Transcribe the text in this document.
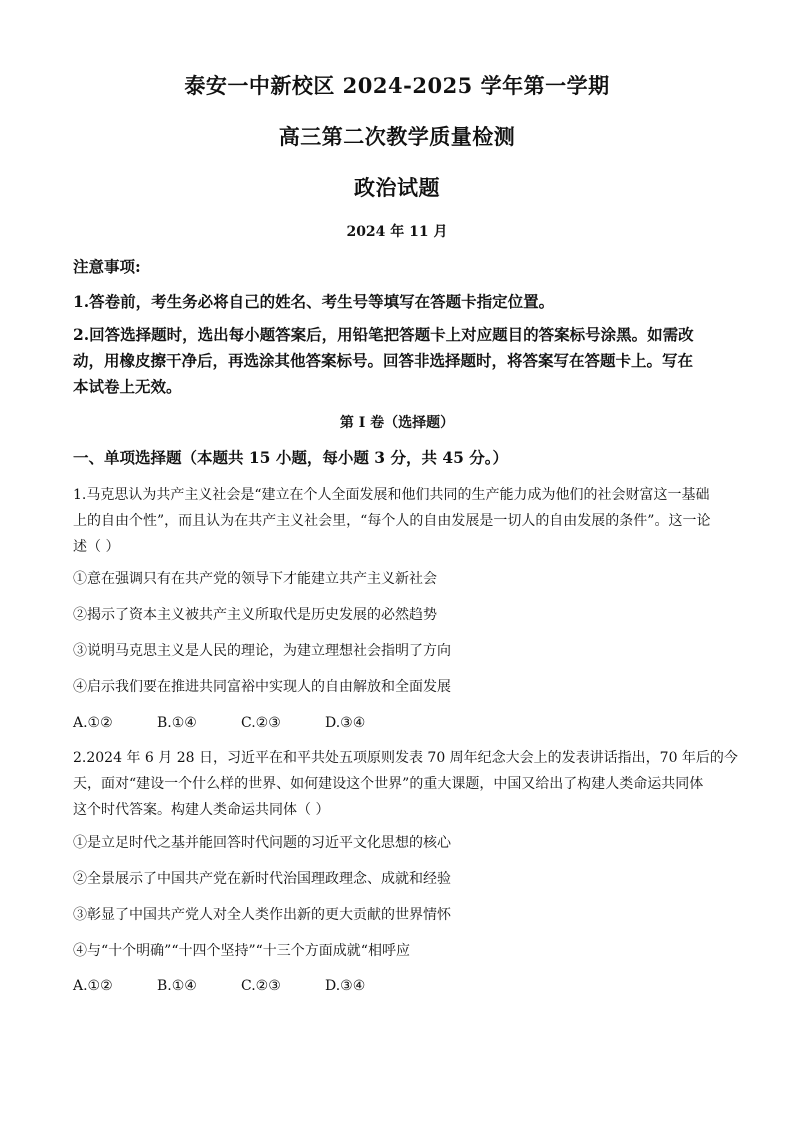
泰安一中新校区 2024-2025 学年第一学期
高三第二次教学质量检测
政治试题
2024 年 11 月
注意事项:
1.答卷前，考生务必将自己的姓名、考生号等填写在答题卡指定位置。
2.回答选择题时，选出每小题答案后，用铅笔把答题卡上对应题目的答案标号涂黑。如需改
动，用橡皮擦干净后，再选涂其他答案标号。回答非选择题时，将答案写在答题卡上。写在
本试卷上无效。
第 I 卷（选择题）
一、单项选择题（本题共 15 小题，每小题 3 分，共 45 分。）
1.马克思认为共产主义社会是“建立在个人全面发展和他们共同的生产能力成为他们的社会财富这一基础
上的自由个性”，而且认为在共产主义社会里，“每个人的自由发展是一切人的自由发展的条件”。这一论
述（ ）
①意在强调只有在共产党的领导下才能建立共产主义新社会
②揭示了资本主义被共产主义所取代是历史发展的必然趋势
③说明马克思主义是人民的理论，为建立理想社会指明了方向
④启示我们要在推进共同富裕中实现人的自由解放和全面发展
A.①②	B.①④	C.②③	D.③④
2.2024 年 6 月 28 日，习近平在和平共处五项原则发表 70 周年纪念大会上的发表讲话指出，70 年后的今
天，面对“建设一个什么样的世界、如何建设这个世界”的重大课题，中国又给出了构建人类命运共同体
这个时代答案。构建人类命运共同体（ ）
①是立足时代之基并能回答时代问题的习近平文化思想的核心
②全景展示了中国共产党在新时代治国理政理念、成就和经验
③彰显了中国共产党人对全人类作出新的更大贡献的世界情怀
④与“十个明确”“十四个坚持”“十三个方面成就“相呼应
A.①②	B.①④	C.②③	D.③④
